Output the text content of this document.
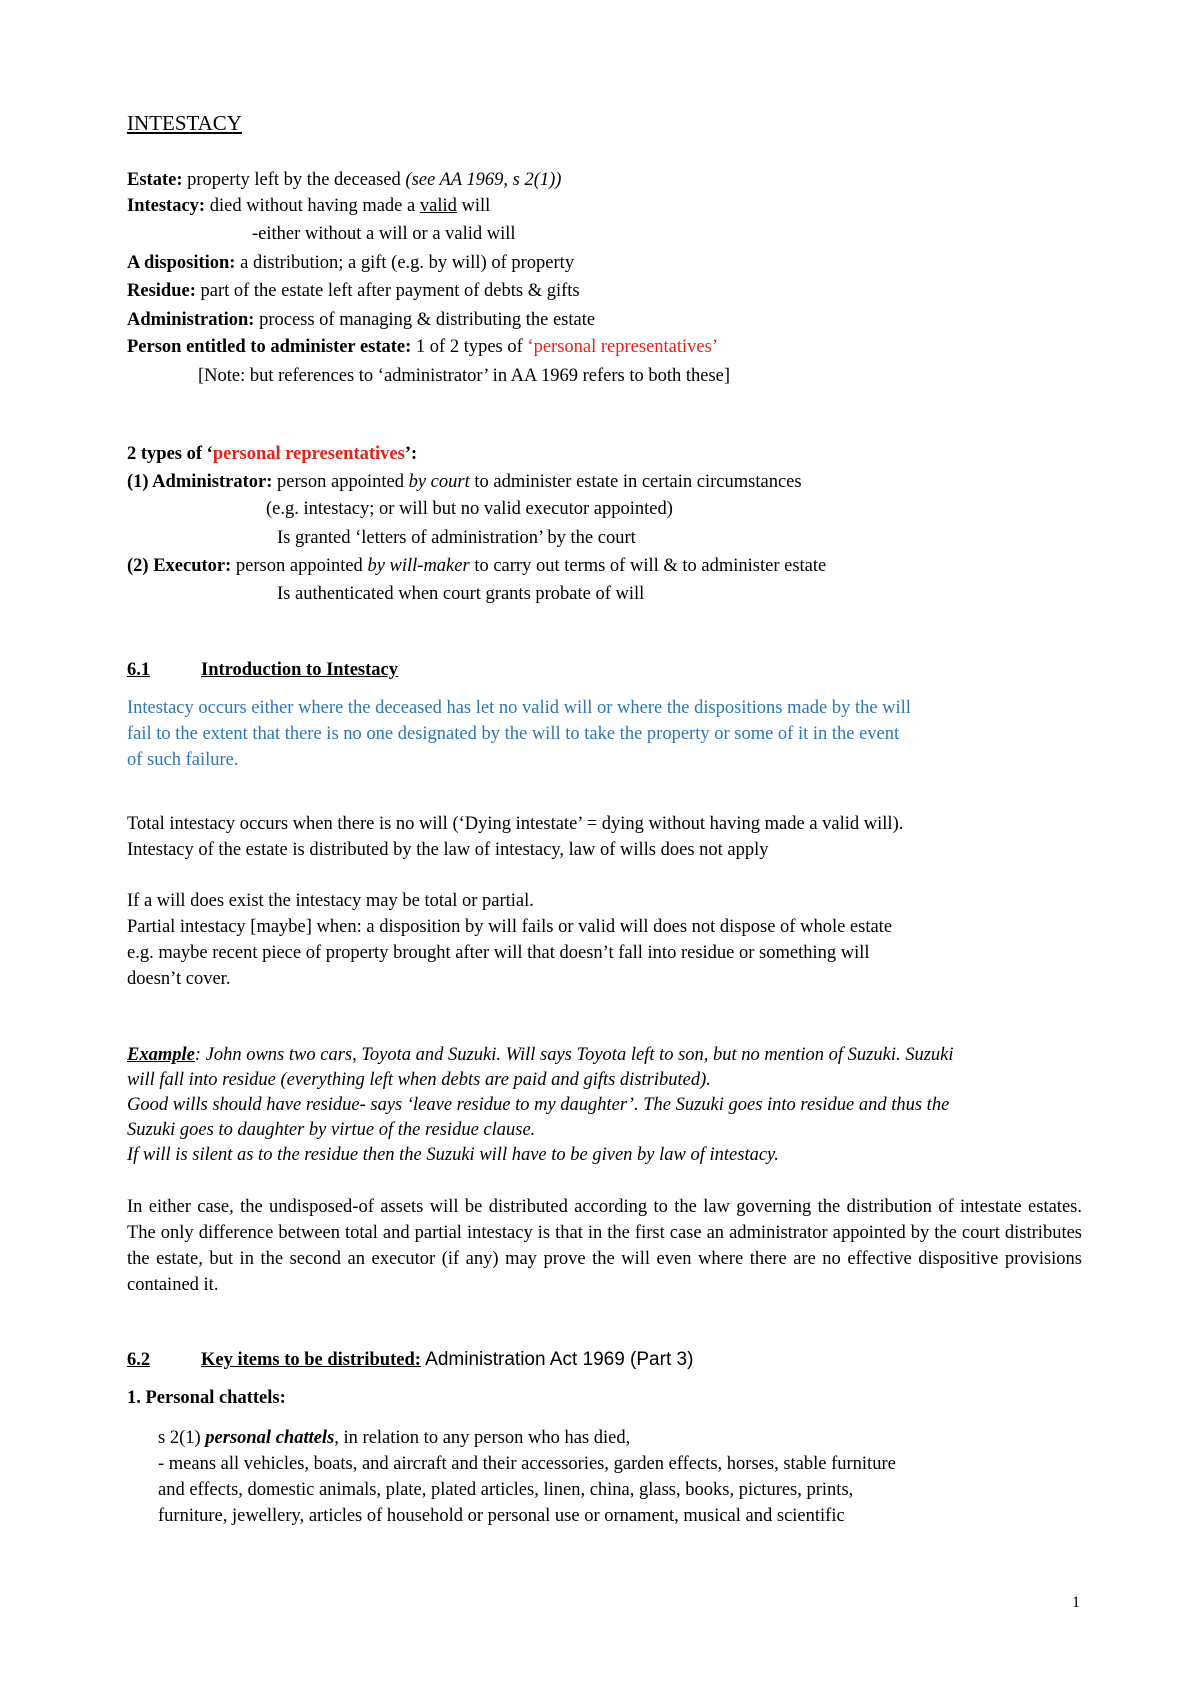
INTESTACY
Estate: property left by the deceased (see AA 1969, s 2(1))
Intestacy: died without having made a valid will
-either without a will or a valid will
A disposition: a distribution; a gift (e.g. by will) of property
Residue: part of the estate left after payment of debts & gifts
Administration: process of managing & distributing the estate
Person entitled to administer estate: 1 of 2 types of ‘personal representatives’
[Note: but references to ‘administrator’ in AA 1969 refers to both these]
2 types of ‘personal representatives’:
(1) Administrator: person appointed by court to administer estate in certain circumstances
(e.g. intestacy; or will but no valid executor appointed)
Is granted ‘letters of administration’ by the court
(2) Executor: person appointed by will-maker to carry out terms of will & to administer estate
Is authenticated when court grants probate of will
6.1	Introduction to Intestacy
Intestacy occurs either where the deceased has let no valid will or where the dispositions made by the will
fail to the extent that there is no one designated by the will to take the property or some of it in the event
of such failure.
Total intestacy occurs when there is no will (‘Dying intestate’ = dying without having made a valid will).
Intestacy of the estate is distributed by the law of intestacy, law of wills does not apply
If a will does exist the intestacy may be total or partial.
Partial intestacy [maybe] when: a disposition by will fails or valid will does not dispose of whole estate
e.g. maybe recent piece of property brought after will that doesn’t fall into residue or something will
doesn’t cover.
Example: John owns two cars, Toyota and Suzuki. Will says Toyota left to son, but no mention of Suzuki. Suzuki
will fall into residue (everything left when debts are paid and gifts distributed).
Good wills should have residue- says ‘leave residue to my daughter’. The Suzuki goes into residue and thus the
Suzuki goes to daughter by virtue of the residue clause.
If will is silent as to the residue then the Suzuki will have to be given by law of intestacy.
In either case, the undisposed-of assets will be distributed according to the law governing the distribution of intestate estates. The only difference between total and partial intestacy is that in the first case an administrator appointed by the court distributes the estate, but in the second an executor (if any) may prove the will even where there are no effective dispositive provisions contained it.
6.2	Key items to be distributed: Administration Act 1969 (Part 3)
1. Personal chattels:
s 2(1) personal chattels, in relation to any person who has died,
- means all vehicles, boats, and aircraft and their accessories, garden effects, horses, stable furniture
and effects, domestic animals, plate, plated articles, linen, china, glass, books, pictures, prints,
furniture, jewellery, articles of household or personal use or ornament, musical and scientific
1
